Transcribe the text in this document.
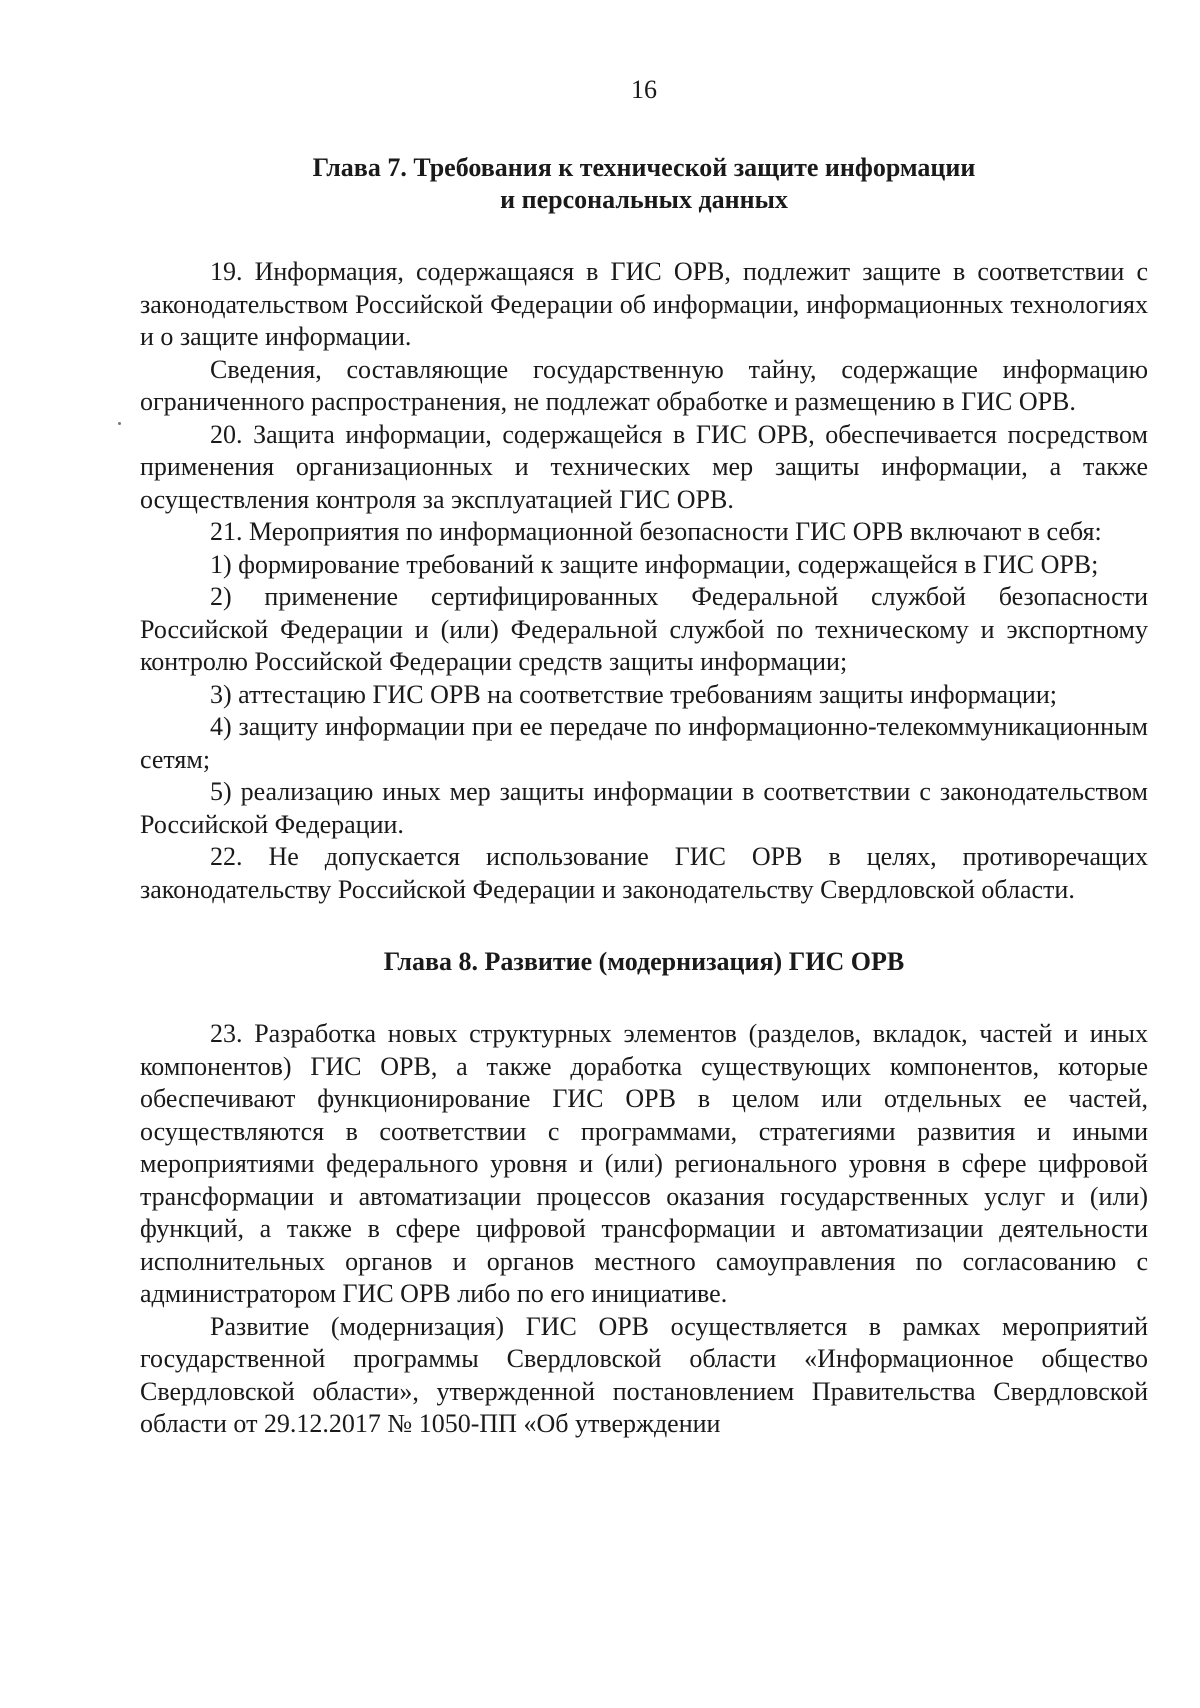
16
Глава 7. Требования к технической защите информации
и персональных данных

19. Информация, содержащаяся в ГИС ОРВ, подлежит защите в соответствии с законодательством Российской Федерации об информации, информационных технологиях и о защите информации.

Сведения, составляющие государственную тайну, содержащие информацию ограниченного распространения, не подлежат обработке и размещению в ГИС ОРВ.

20. Защита информации, содержащейся в ГИС ОРВ, обеспечивается посредством применения организационных и технических мер защиты информации, а также осуществления контроля за эксплуатацией ГИС ОРВ.

21. Мероприятия по информационной безопасности ГИС ОРВ включают в себя:

1) формирование требований к защите информации, содержащейся в ГИС ОРВ;

2) применение сертифицированных Федеральной службой безопасности Российской Федерации и (или) Федеральной службой по техническому и экспортному контролю Российской Федерации средств защиты информации;

3) аттестацию ГИС ОРВ на соответствие требованиям защиты информации;

4) защиту информации при ее передаче по информационно-телекоммуникационным сетям;

5) реализацию иных мер защиты информации в соответствии с законодательством Российской Федерации.

22. Не допускается использование ГИС ОРВ в целях, противоречащих законодательству Российской Федерации и законодательству Свердловской области.

Глава 8. Развитие (модернизация) ГИС ОРВ

23. Разработка новых структурных элементов (разделов, вкладок, частей и иных компонентов) ГИС ОРВ, а также доработка существующих компонентов, которые обеспечивают функционирование ГИС ОРВ в целом или отдельных ее частей, осуществляются в соответствии с программами, стратегиями развития и иными мероприятиями федерального уровня и (или) регионального уровня в сфере цифровой трансформации и автоматизации процессов оказания государственных услуг и (или) функций, а также в сфере цифровой трансформации и автоматизации деятельности исполнительных органов и органов местного самоуправления по согласованию с администратором ГИС ОРВ либо по его инициативе.

Развитие (модернизация) ГИС ОРВ осуществляется в рамках мероприятий государственной программы Свердловской области «Информационное общество Свердловской области», утвержденной постановлением Правительства Свердловской области от 29.12.2017 № 1050-ПП «Об утверждении
